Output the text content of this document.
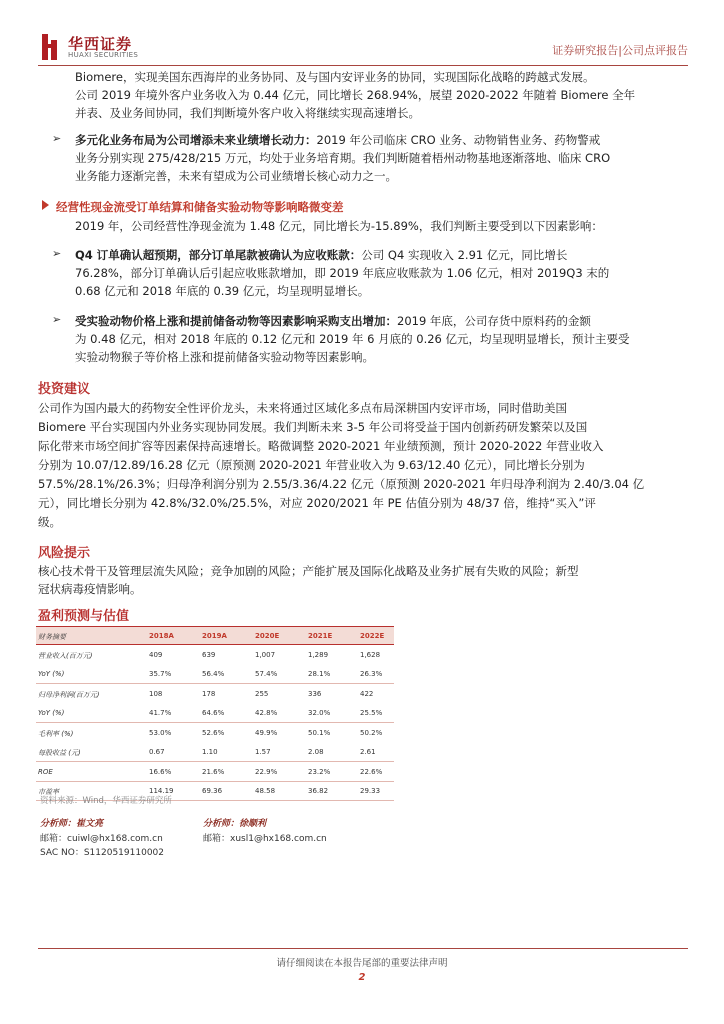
华西证券
HUAXI SECURITIES	证券研究报告|公司点评报告
Biomere，实现美国东西海岸的业务协同、及与国内安评业务的协同，实现国际化战略的跨越式发展。
公司 2019 年境外客户业务收入为 0.44 亿元，同比增长 268.94%，展望 2020-2022 年随着 Biomere 全年
并表、及业务间协同，我们判断境外客户收入将继续实现高速增长。
➢ 多元化业务布局为公司增添未来业绩增长动力：2019 年公司临床 CRO 业务、动物销售业务、药物警戒
业务分别实现 275/428/215 万元，均处于业务培育期。我们判断随着梧州动物基地逐渐落地、临床 CRO
业务能力逐渐完善，未来有望成为公司业绩增长核心动力之一。
经营性现金流受订单结算和储备实验动物等影响略微变差
2019 年，公司经营性净现金流为 1.48 亿元，同比增长为-15.89%，我们判断主要受到以下因素影响：
➢ Q4 订单确认超预期，部分订单尾款被确认为应收账款：公司 Q4 实现收入 2.91 亿元，同比增长
76.28%，部分订单确认后引起应收账款增加，即 2019 年底应收账款为 1.06 亿元，相对 2019Q3 末的
0.68 亿元和 2018 年底的 0.39 亿元，均呈现明显增长。
➢ 受实验动物价格上涨和提前储备动物等因素影响采购支出增加：2019 年底，公司存货中原料药的金额
为 0.48 亿元，相对 2018 年底的 0.12 亿元和 2019 年 6 月底的 0.26 亿元，均呈现明显增长，预计主要受
实验动物猴子等价格上涨和提前储备实验动物等因素影响。
投资建议
公司作为国内最大的药物安全性评价龙头，未来将通过区域化多点布局深耕国内安评市场，同时借助美国
Biomere 平台实现国内外业务实现协同发展。我们判断未来 3-5 年公司将受益于国内创新药研发繁荣以及国
际化带来市场空间扩容等因素保持高速增长。略微调整 2020-2021 年业绩预测，预计 2020-2022 年营业收入
分别为 10.07/12.89/16.28 亿元（原预测 2020-2021 年营业收入为 9.63/12.40 亿元），同比增长分别为
57.5%/28.1%/26.3%；归母净利润分别为 2.55/3.36/4.22 亿元（原预测 2020-2021 年归母净利润为 2.40/3.04 亿
元），同比增长分别为 42.8%/32.0%/25.5%，对应 2020/2021 年 PE 估值分别为 48/37 倍，维持“买入”评
级。
风险提示
核心技术骨干及管理层流失风险；竞争加剧的风险；产能扩展及国际化战略及业务扩展有失败的风险；新型
冠状病毒疫情影响。
盈利预测与估值
财务摘要	2018A	2019A	2020E	2021E	2022E
营业收入(百万元)	409	639	1,007	1,289	1,628
YoY (%)	35.7%	56.4%	57.4%	28.1%	26.3%
归母净利润(百万元)	108	178	255	336	422
YoY (%)	41.7%	64.6%	42.8%	32.0%	25.5%
毛利率 (%)	53.0%	52.6%	49.9%	50.1%	50.2%
每股收益 (元)	0.67	1.10	1.57	2.08	2.61
ROE	16.6%	21.6%	22.9%	23.2%	22.6%
市盈率	114.19	69.36	48.58	36.82	29.33
资料来源：Wind，华西证券研究所
分析师：崔文亮
邮箱：cuiwl@hx168.com.cn
SAC NO：S1120519110002
分析师：徐顺利
邮箱：xusl1@hx168.com.cn
请仔细阅读在本报告尾部的重要法律声明
2
